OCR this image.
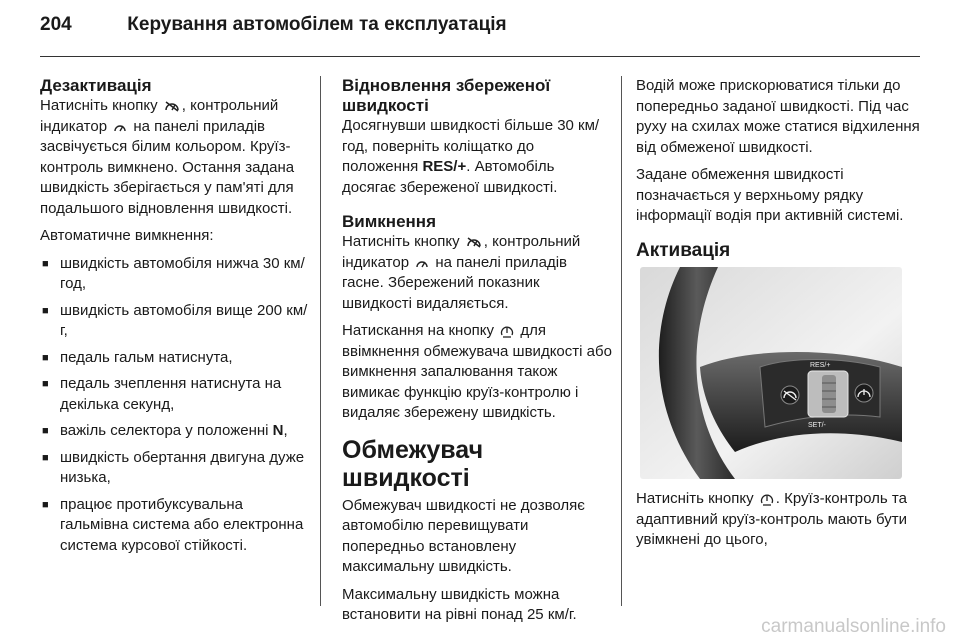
204	Керування автомобілем та експлуатація
Дезактивація

Натисніть кнопку , контрольний індикатор на панелі приладів засвічується білим кольором. Круїз-контроль вимкнено. Остання задана швидкість зберігається у пам'яті для подальшого відновлення швидкості.

Автоматичне вимкнення:

■ швидкість автомобіля нижча 30 км/год,
■ швидкість автомобіля вище 200 км/г,
■ педаль гальм натиснута,
■ педаль зчеплення натиснута на декілька секунд,
■ важіль селектора у положенні N,
■ швидкість обертання двигуна дуже низька,
■ працює протибуксувальна гальмівна система або електронна система курсової стійкості.
Відновлення збереженої швидкості

Досягнувши швидкості більше 30 км/год, поверніть коліщатко до положення RES/+. Автомобіль досягає збереженої швидкості.

Вимкнення

Натисніть кнопку , контрольний індикатор на панелі приладів гасне. Збережений показник швидкості видаляється.

Натискання на кнопку для ввімкнення обмежувача швидкості або вимкнення запалювання також вимикає функцію круїз-контролю і видаляє збережену швидкість.

Обмежувач швидкості

Обмежувач швидкості не дозволяє автомобілю перевищувати попередньо встановлену максимальну швидкість.

Максимальну швидкість можна встановити на рівні понад 25 км/г.

Водій може прискорюватися тільки до попередньо заданої швидкості. Під час руху на схилах може статися відхилення від обмеженої швидкості.

Задане обмеження швидкості позначається у верхньому рядку інформації водія при активній системі.

Активація
RES/+
SET/-

Натисніть кнопку . Круїз-контроль та адаптивний круїз-контроль мають бути увімкнені до цього,

carmanualsonline.info
